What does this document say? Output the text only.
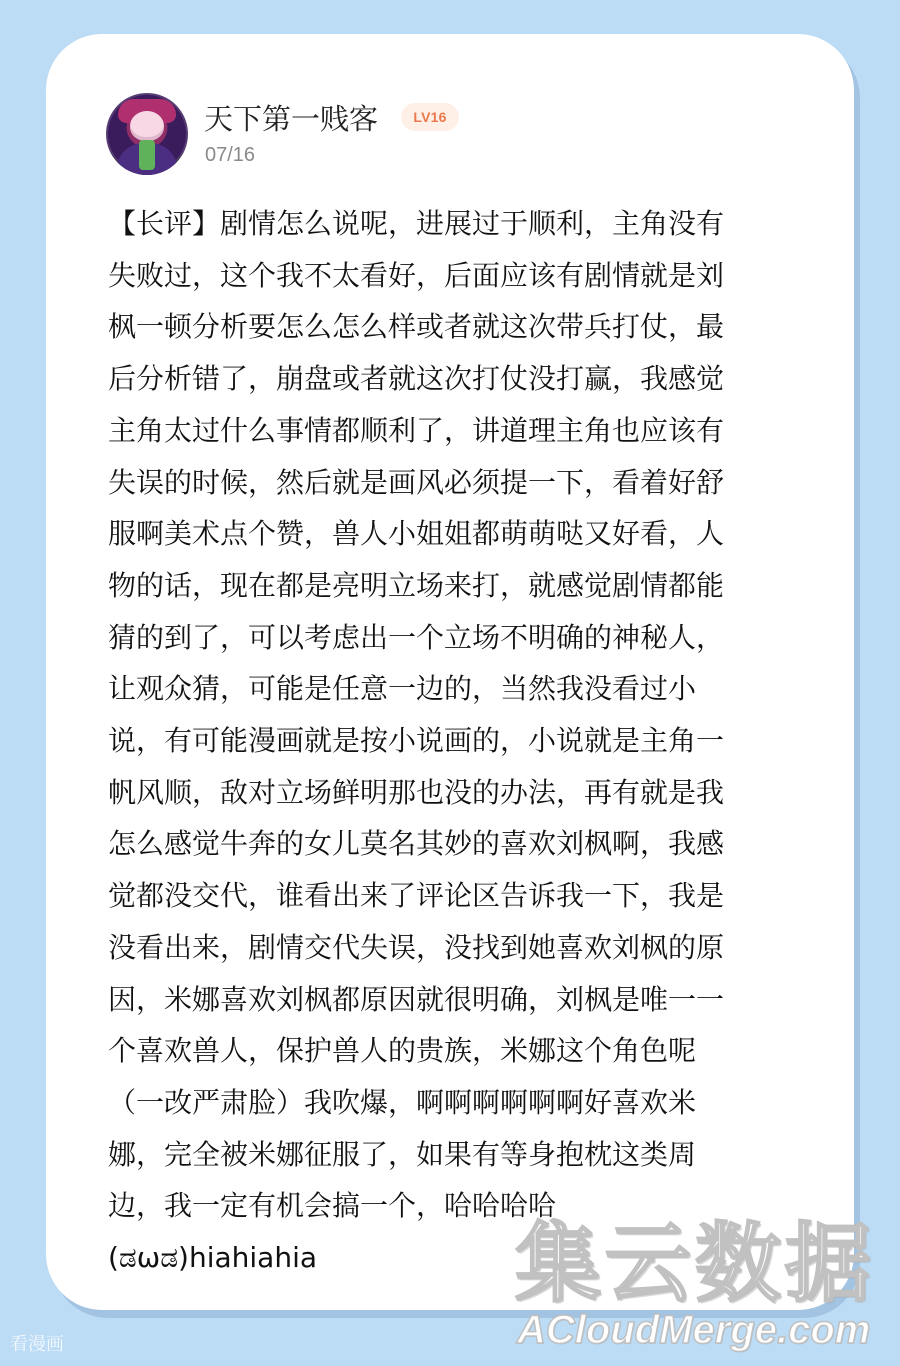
天下第一贱客	LV16
07/16
【长评】剧情怎么说呢，进展过于顺利，主角没有
失败过，这个我不太看好，后面应该有剧情就是刘
枫一顿分析要怎么怎么样或者就这次带兵打仗，最
后分析错了，崩盘或者就这次打仗没打赢，我感觉
主角太过什么事情都顺利了，讲道理主角也应该有
失误的时候，然后就是画风必须提一下，看着好舒
服啊美术点个赞，兽人小姐姐都萌萌哒又好看，人
物的话，现在都是亮明立场来打，就感觉剧情都能
猜的到了，可以考虑出一个立场不明确的神秘人，
让观众猜，可能是任意一边的，当然我没看过小
说，有可能漫画就是按小说画的，小说就是主角一
帆风顺，敌对立场鲜明那也没的办法，再有就是我
怎么感觉牛奔的女儿莫名其妙的喜欢刘枫啊，我感
觉都没交代，谁看出来了评论区告诉我一下，我是
没看出来，剧情交代失误，没找到她喜欢刘枫的原
因，米娜喜欢刘枫都原因就很明确，刘枫是唯一一
个喜欢兽人，保护兽人的贵族，米娜这个角色呢
（一改严肃脸）我吹爆，啊啊啊啊啊啊好喜欢米
娜，完全被米娜征服了，如果有等身抱枕这类周
边，我一定有机会搞一个，哈哈哈哈
(ಡωಡ)hiahiahia
看漫画
集云数据
ACloudMerge.com
